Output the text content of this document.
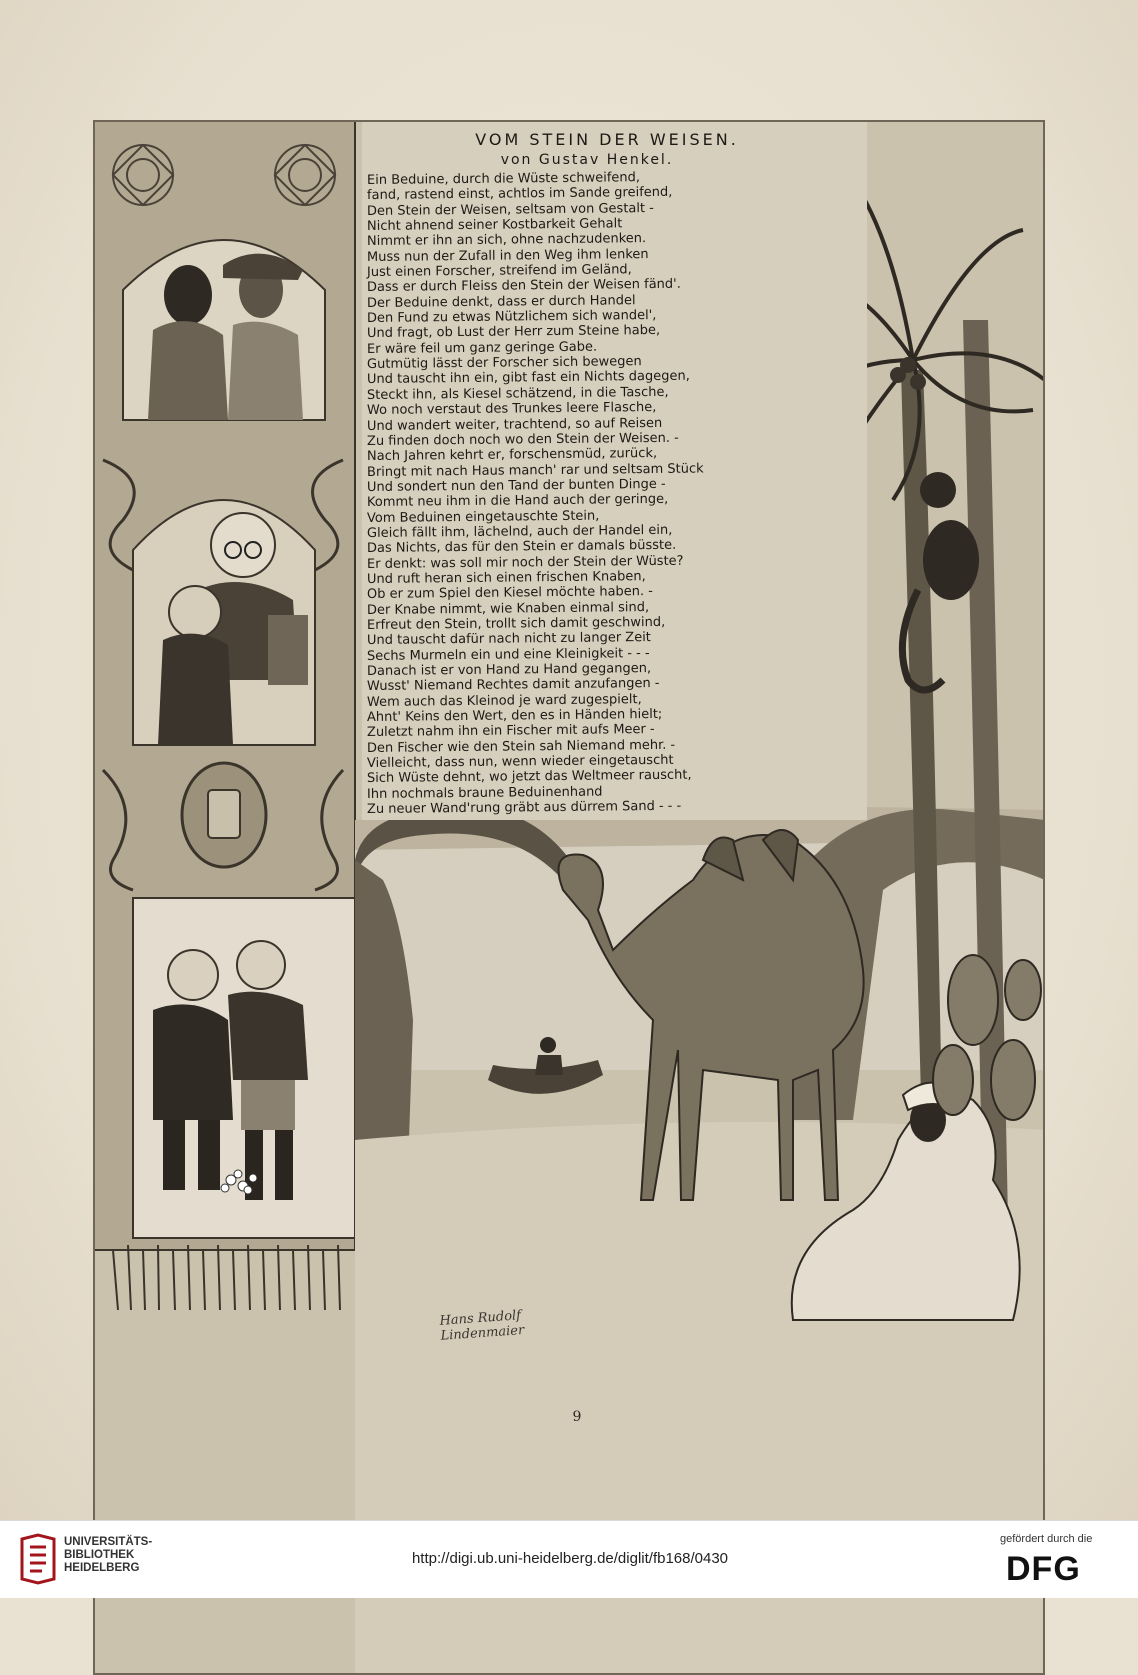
VOM STEIN DER WEISEN.
von Gustav Henkel.
Ein Beduine, durch die Wüste schweifend,
fand, rastend einst, achtlos im Sande greifend,
Den Stein der Weisen, seltsam von Gestalt -
Nicht ahnend seiner Kostbarkeit Gehalt
Nimmt er ihn an sich, ohne nachzudenken.
Muss nun der Zufall in den Weg ihm lenken
Just einen Forscher, streifend im Geländ,
Dass er durch Fleiss den Stein der Weisen fänd'.
Der Beduine denkt, dass er durch Handel
Den Fund zu etwas Nützlichem sich wandel',
Und fragt, ob Lust der Herr zum Steine habe,
Er wäre feil um ganz geringe Gabe.
Gutmütig lässt der Forscher sich bewegen
Und tauscht ihn ein, gibt fast ein Nichts dagegen,
Steckt ihn, als Kiesel schätzend, in die Tasche,
Wo noch verstaut des Trunkes leere Flasche,
Und wandert weiter, trachtend, so auf Reisen
Zu finden doch noch wo den Stein der Weisen. -
Nach Jahren kehrt er, forschensmüd, zurück,
Bringt mit nach Haus manch' rar und seltsam Stück
Und sondert nun den Tand der bunten Dinge -
Kommt neu ihm in die Hand auch der geringe,
Vom Beduinen eingetauschte Stein,
Gleich fällt ihm, lächelnd, auch der Handel ein,
Das Nichts, das für den Stein er damals büsste.
Er denkt: was soll mir noch der Stein der Wüste?
Und ruft heran sich einen frischen Knaben,
Ob er zum Spiel den Kiesel möchte haben. -
Der Knabe nimmt, wie Knaben einmal sind,
Erfreut den Stein, trollt sich damit geschwind,
Und tauscht dafür nach nicht zu langer Zeit
Sechs Murmeln ein und eine Kleinigkeit - - -
Danach ist er von Hand zu Hand gegangen,
Wusst' Niemand Rechtes damit anzufangen -
Wem auch das Kleinod je ward zugespielt,
Ahnt' Keins den Wert, den es in Händen hielt;
Zuletzt nahm ihn ein Fischer mit aufs Meer -
Den Fischer wie den Stein sah Niemand mehr. -
Vielleicht, dass nun, wenn wieder eingetauscht
Sich Wüste dehnt, wo jetzt das Weltmeer rauscht,
Ihn nochmals braune Beduinenhand
Zu neuer Wand'rung gräbt aus dürrem Sand - - -
Hans Rudolf Lindenmaier
9
UNIVERSITÄTS-
BIBLIOTHEK
HEIDELBERG
http://digi.ub.uni-heidelberg.de/diglit/fb168/0430
gefördert durch die
DFG
